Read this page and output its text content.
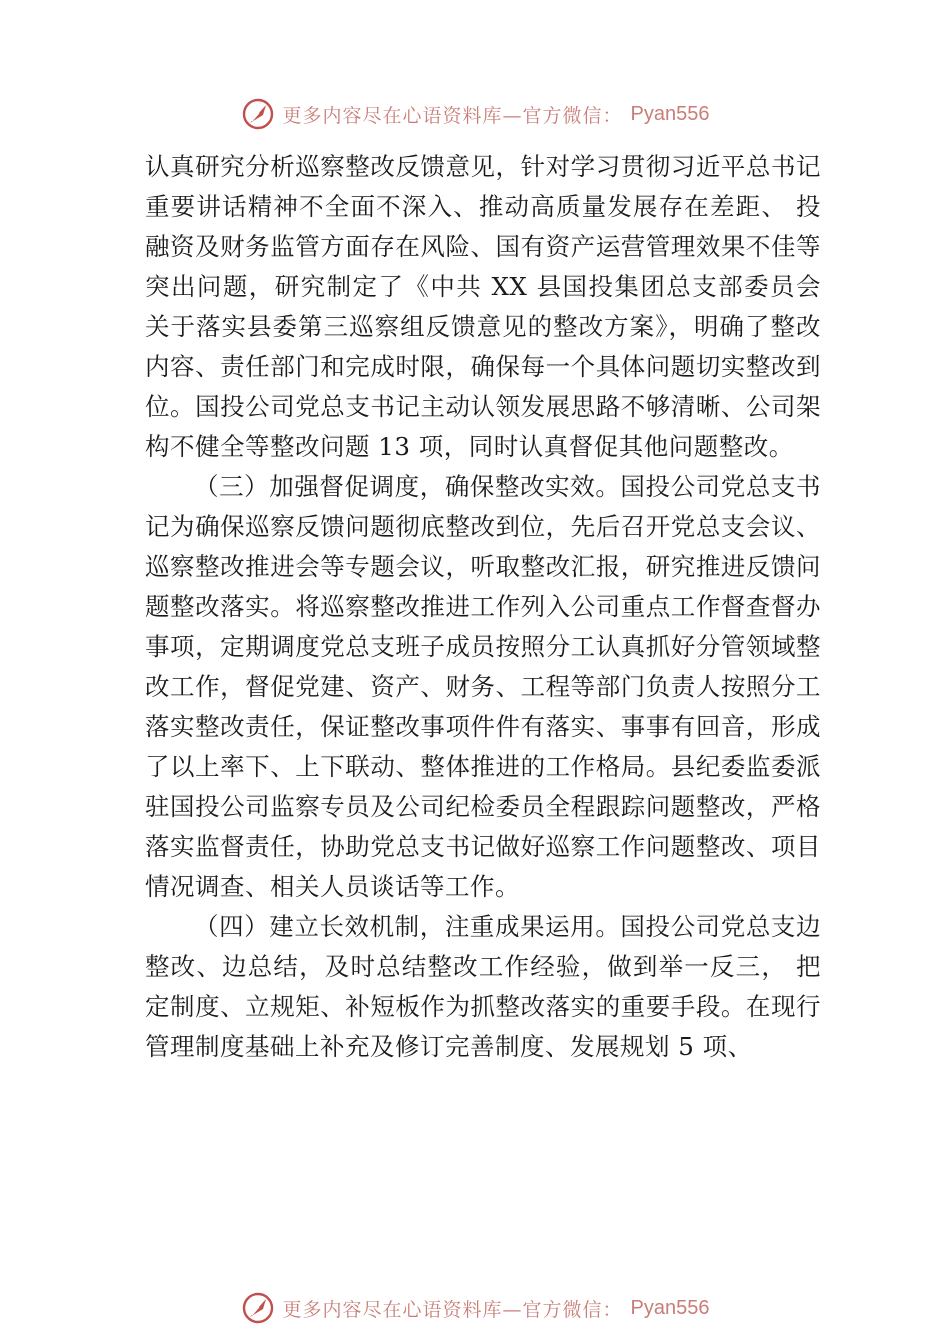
更多内容尽在心语资料库—官方微信： Pyan556

认真研究分析巡察整改反馈意见，针对学习贯彻习近平总书记重要讲话精神不全面不深入、推动高质量发展存在差距、 投融资及财务监管方面存在风险、国有资产运营管理效果不佳等突出问题，研究制定了《中共 XX 县国投集团总支部委员会关于落实县委第三巡察组反馈意见的整改方案》，明确了整改内容、责任部门和完成时限，确保每一个具体问题切实整改到位。国投公司党总支书记主动认领发展思路不够清晰、公司架构不健全等整改问题 13 项，同时认真督促其他问题整改。

（三）加强督促调度，确保整改实效。国投公司党总支书记为确保巡察反馈问题彻底整改到位，先后召开党总支会议、巡察整改推进会等专题会议，听取整改汇报，研究推进反馈问题整改落实。将巡察整改推进工作列入公司重点工作督查督办事项，定期调度党总支班子成员按照分工认真抓好分管领域整改工作，督促党建、资产、财务、工程等部门负责人按照分工落实整改责任，保证整改事项件件有落实、事事有回音，形成了以上率下、上下联动、整体推进的工作格局。县纪委监委派驻国投公司监察专员及公司纪检委员全程跟踪问题整改，严格落实监督责任，协助党总支书记做好巡察工作问题整改、项目情况调查、相关人员谈话等工作。

（四）建立长效机制，注重成果运用。国投公司党总支边整改、边总结，及时总结整改工作经验，做到举一反三， 把定制度、立规矩、补短板作为抓整改落实的重要手段。在现行管理制度基础上补充及修订完善制度、发展规划 5 项、

更多内容尽在心语资料库—官方微信： Pyan556
